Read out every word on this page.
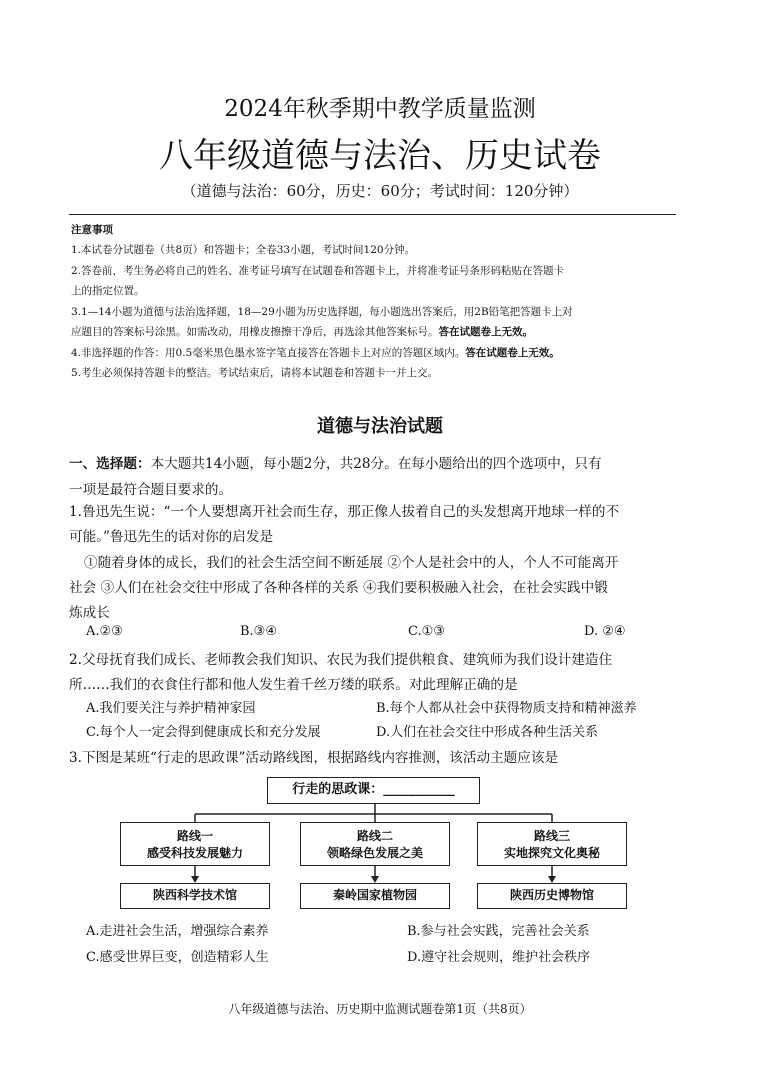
2024年秋季期中教学质量监测
八年级道德与法治、历史试卷
（道德与法治：60分，历史：60分；考试时间：120分钟）
注意事项
1.本试卷分试题卷（共8页）和答题卡；全卷33小题，考试时间120分钟。
2.答卷前，考生务必将自己的姓名、准考证号填写在试题卷和答题卡上，并将准考证号条形码粘贴在答题卡
上的指定位置。
3.1—14小题为道德与法治选择题，18—29小题为历史选择题，每小题选出答案后，用2B铅笔把答题卡上对
应题目的答案标号涂黑。如需改动，用橡皮擦擦干净后，再选涂其他答案标号。答在试题卷上无效。
4.非选择题的作答：用0.5毫米黑色墨水签字笔直接答在答题卡上对应的答题区域内。答在试题卷上无效。
5.考生必须保持答题卡的整洁。考试结束后，请将本试题卷和答题卡一并上交。
道德与法治试题
一、选择题：本大题共14小题，每小题2分，共28分。在每小题给出的四个选项中，只有
一项是最符合题目要求的。
1.鲁迅先生说：“一个人要想离开社会而生存，那正像人拔着自己的头发想离开地球一样的不
可能。”鲁迅先生的话对你的启发是
①随着身体的成长，我们的社会生活空间不断延展 ②个人是社会中的人，个人不可能离开
社会 ③人们在社会交往中形成了各种各样的关系 ④我们要积极融入社会，在社会实践中锻
炼成长
A.②③	B.③④	C.①③	D. ②④
2.父母抚育我们成长、老师教会我们知识、农民为我们提供粮食、建筑师为我们设计建造住
所……我们的衣食住行都和他人发生着千丝万缕的联系。对此理解正确的是
A.我们要关注与养护精神家园	B.每个人都从社会中获得物质支持和精神滋养
C.每个人一定会得到健康成长和充分发展	D.人们在社会交往中形成各种生活关系
3.下图是某班“行走的思政课”活动路线图，根据路线内容推测，该活动主题应该是
行走的思政课：___________
路线一
感受科技发展魅力
路线二
领略绿色发展之美
路线三
实地探究文化奥秘
陕西科学技术馆	秦岭国家植物园	陕西历史博物馆
A.走进社会生活，增强综合素养	B.参与社会实践，完善社会关系
C.感受世界巨变，创造精彩人生	D.遵守社会规则，维护社会秩序
八年级道德与法治、历史期中监测试题卷第1页（共8页）
